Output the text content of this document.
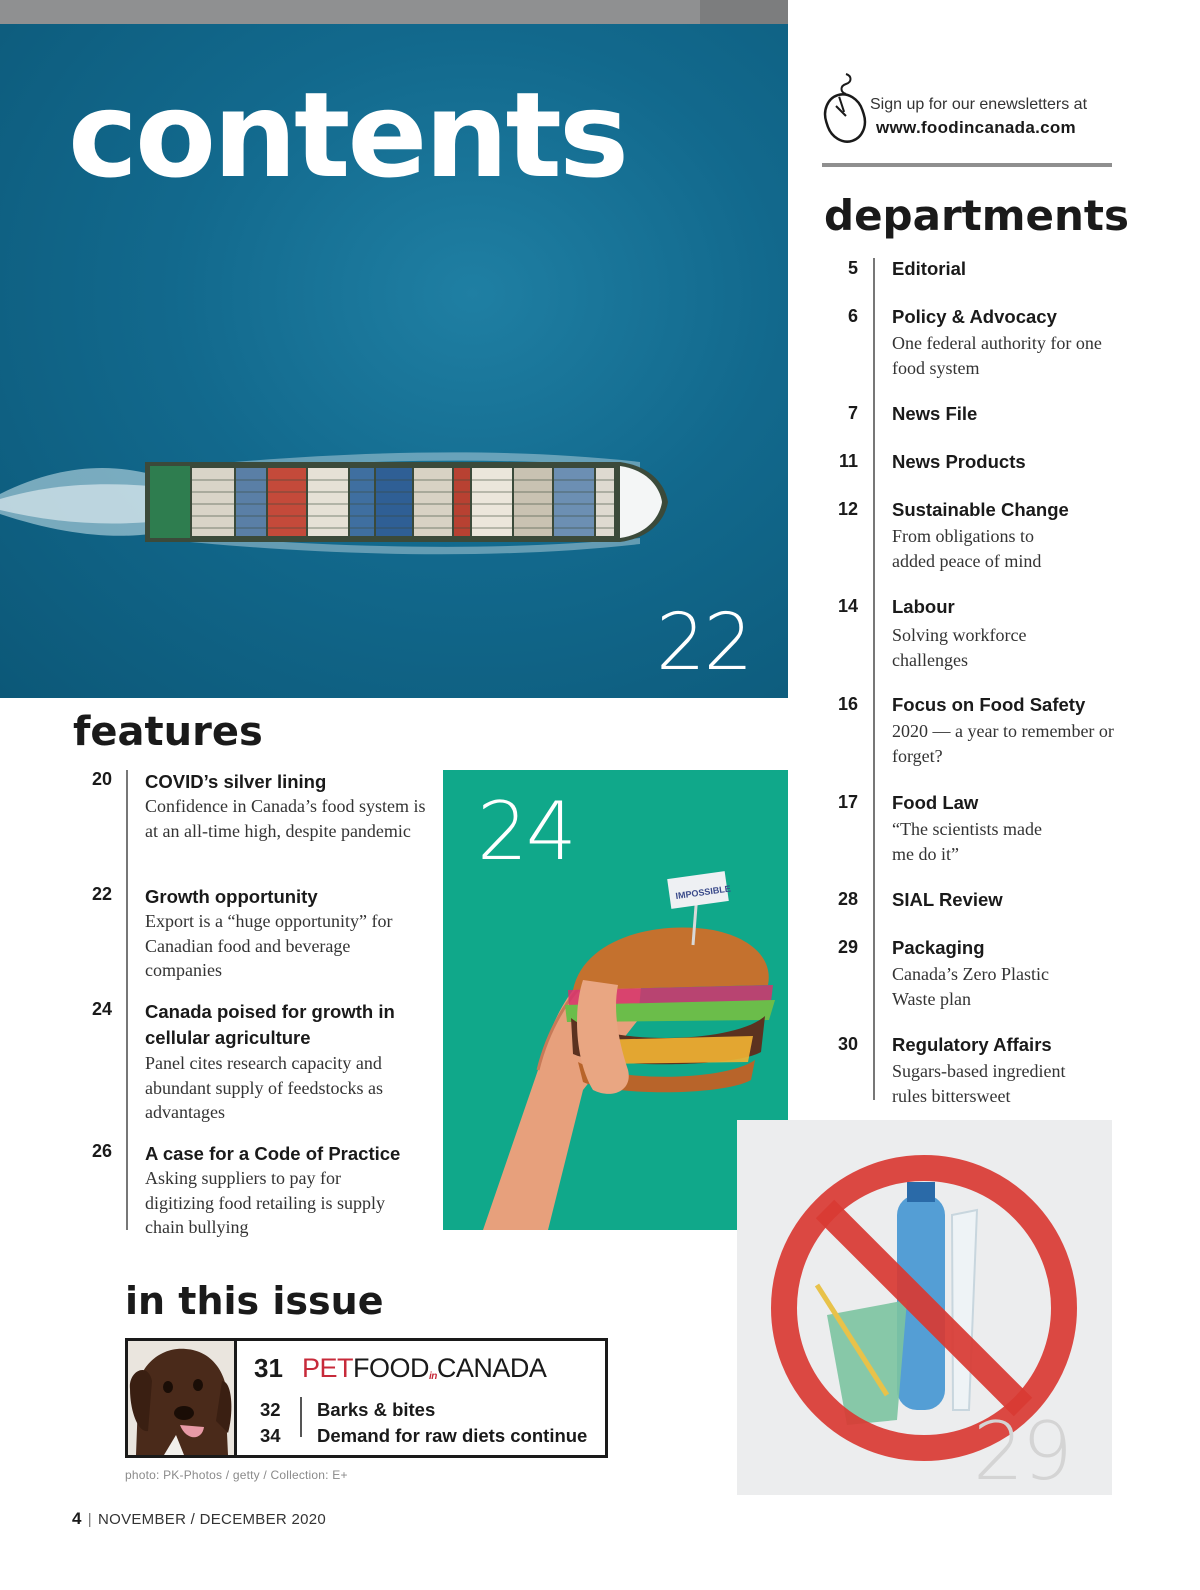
contents
22
Sign up for our enewsletters at
www.foodincanada.com
departments
5 Editorial
6 Policy & Advocacy
One federal authority for one food system
7 News File
11 News Products
12 Sustainable Change
From obligations to added peace of mind
14 Labour
Solving workforce challenges
16 Focus on Food Safety
2020 — a year to remember or forget?
17 Food Law
“The scientists made me do it”
28 SIAL Review
29 Packaging
Canada’s Zero Plastic Waste plan
30 Regulatory Affairs
Sugars-based ingredient rules bittersweet
features
20 COVID’s silver lining
Confidence in Canada’s food system is at an all-time high, despite pandemic
22 Growth opportunity
Export is a “huge opportunity” for Canadian food and beverage companies
24 Canada poised for growth in cellular agriculture
Panel cites research capacity and abundant supply of feedstocks as advantages
26 A case for a Code of Practice
Asking suppliers to pay for digitizing food retailing is supply chain bullying
24
IMPOSSIBLE
in this issue
31 PETFOODinCANADA
32 Barks & bites
34 Demand for raw diets continue
photo: PK-Photos / getty / Collection: E+	29
4 | NOVEMBER / DECEMBER 2020
